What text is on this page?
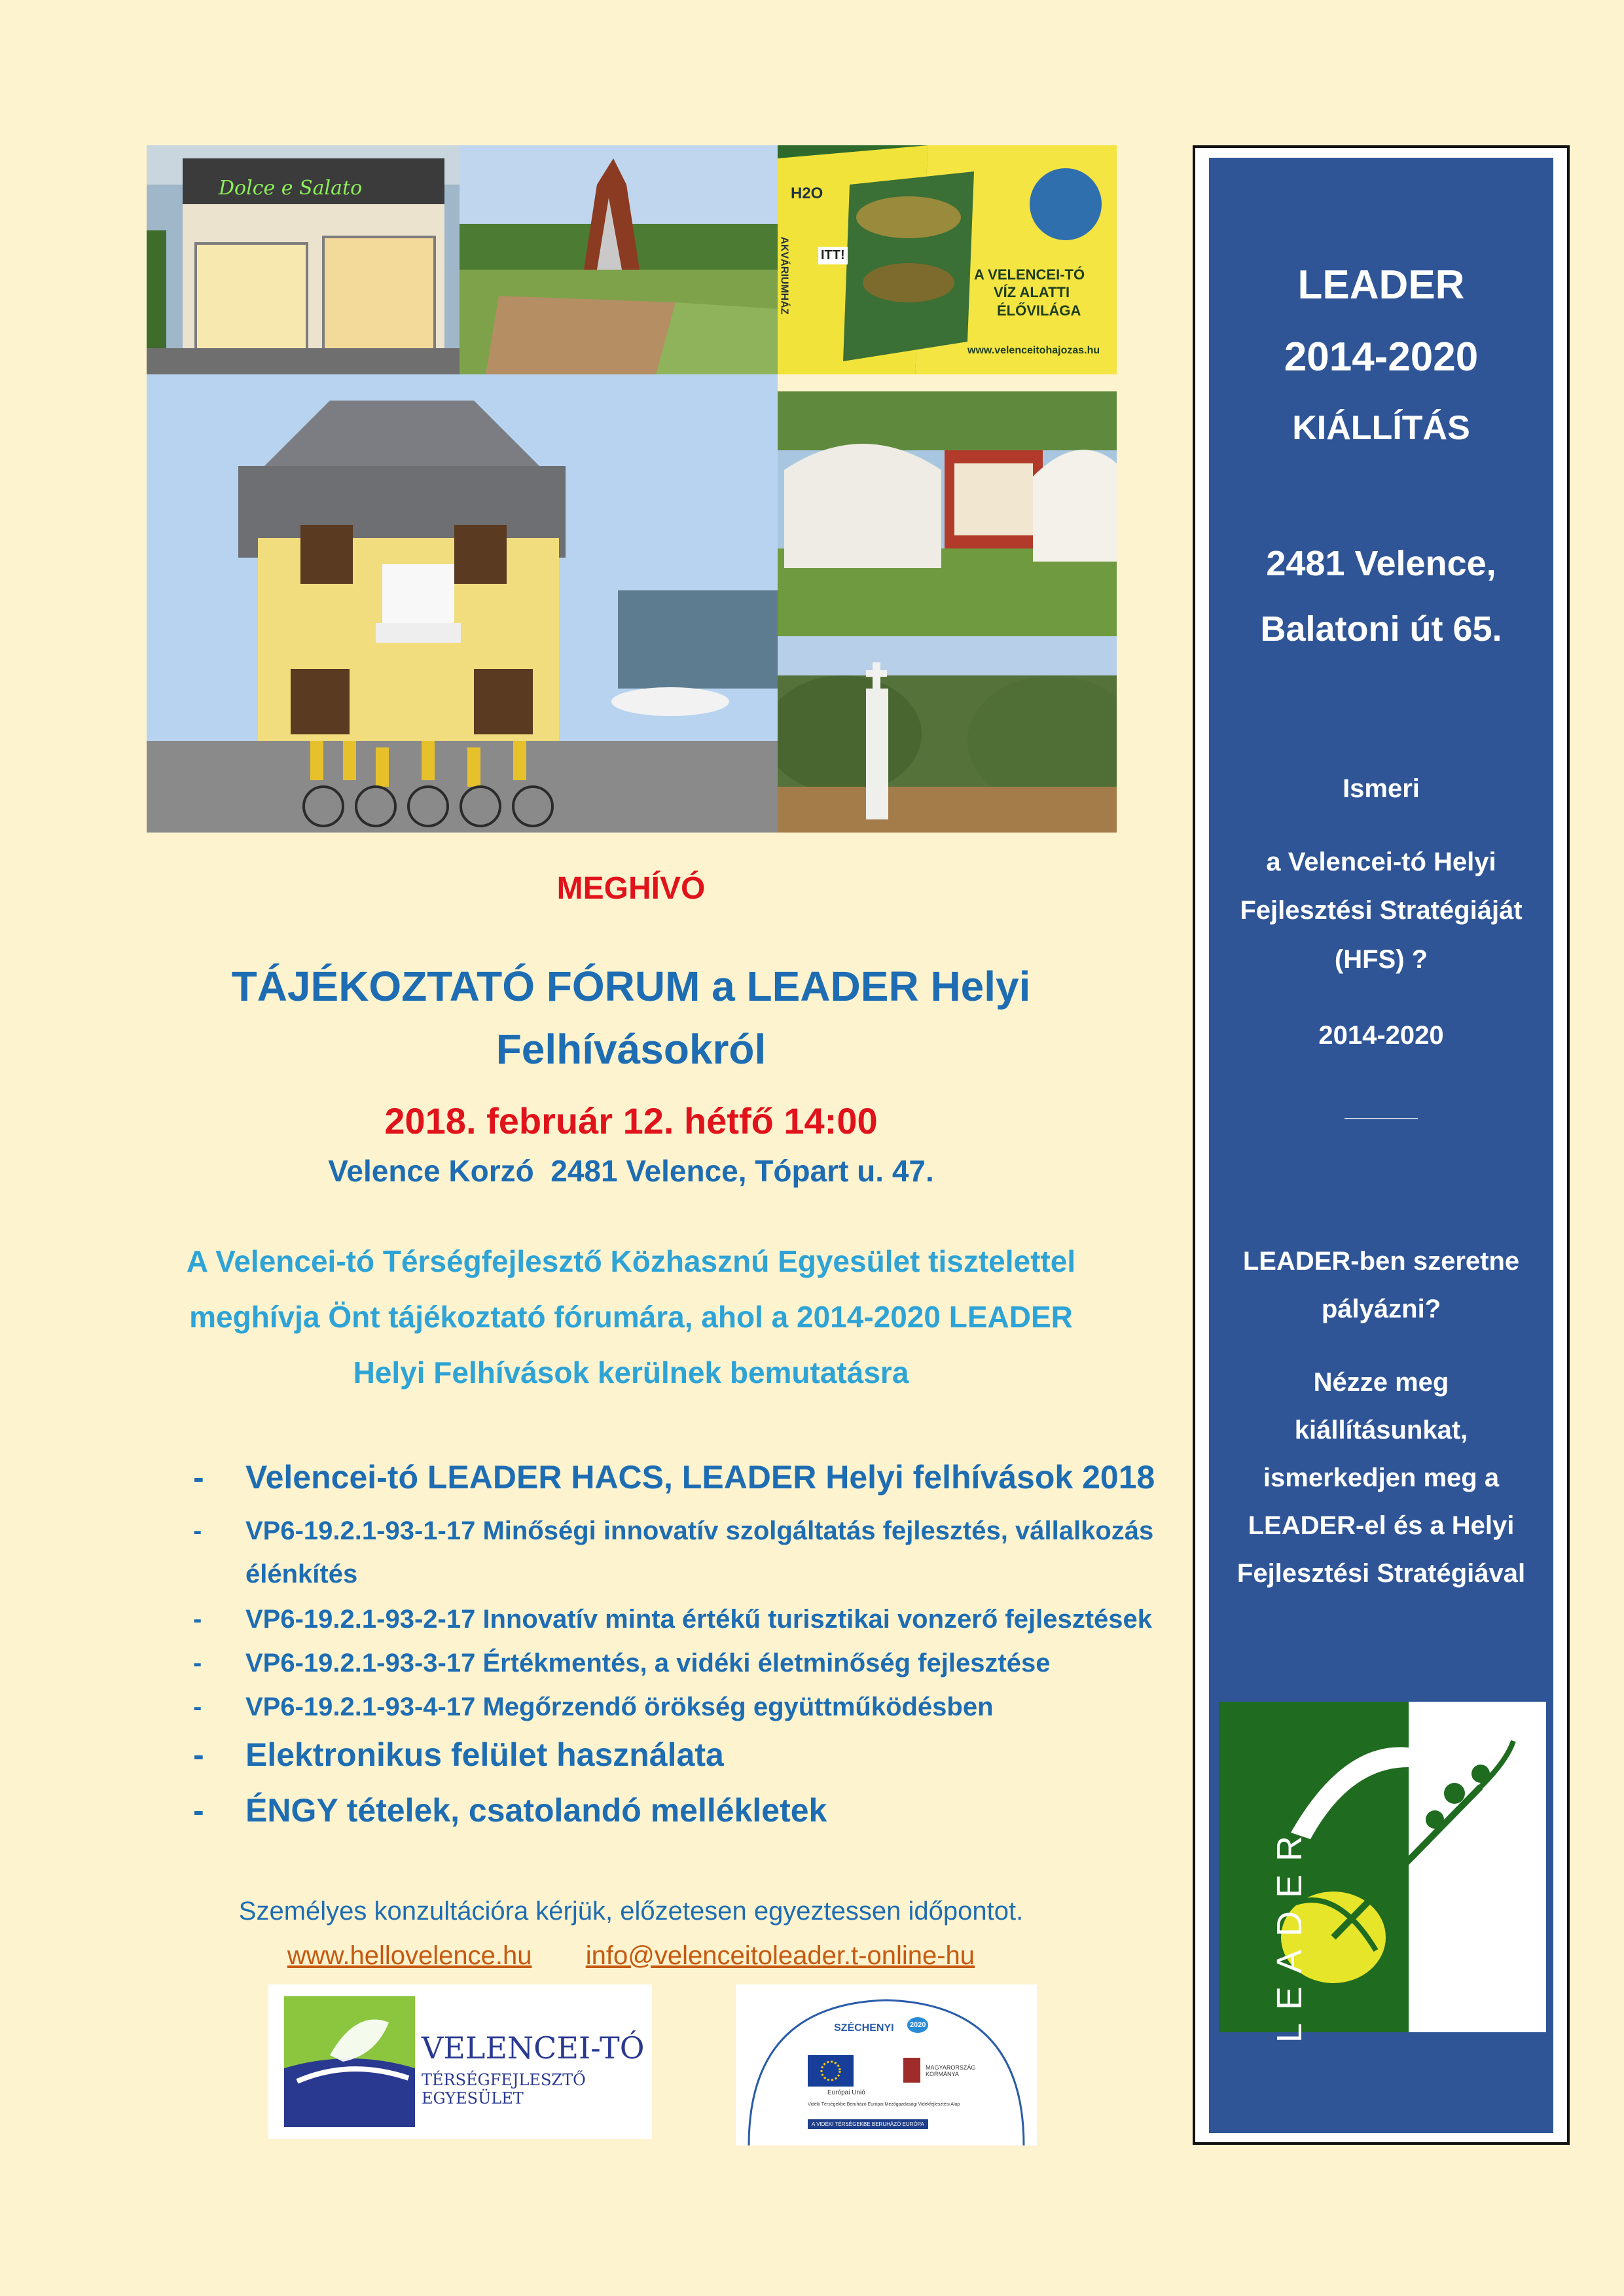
Dolce e Salato	H2O
AKVÁRIUMHÁZ ITT!
A VELENCEI-TÓ
VÍZ ALATTI
ÉLŐVILÁGA
www.velenceitohajozas.hu
MEGHÍVÓ
TÁJÉKOZTATÓ FÓRUM a LEADER Helyi
Felhívásokról
2018. február 12. hétfő 14:00
Velence Korzó  2481 Velence, Tópart u. 47.
A Velencei-tó Térségfejlesztő Közhasznú Egyesület tisztelettel
meghívja Önt tájékoztató fórumára, ahol a 2014-2020 LEADER
Helyi Felhívások kerülnek bemutatásra
- Velencei-tó LEADER HACS, LEADER Helyi felhívások 2018
- VP6-19.2.1-93-1-17 Minőségi innovatív szolgáltatás fejlesztés, vállalkozás
élénkítés
- VP6-19.2.1-93-2-17 Innovatív minta értékű turisztikai vonzerő fejlesztések
- VP6-19.2.1-93-3-17 Értékmentés, a vidéki életminőség fejlesztése
- VP6-19.2.1-93-4-17 Megőrzendő örökség együttműködésben
- Elektronikus felület használata
- ÉNGY tételek, csatolandó mellékletek
Személyes konzultációra kérjük, előzetesen egyeztessen időpontot.
www.hellovelence.hu info@velenceitoleader.t-online-hu
VELENCEI-TÓ
TÉRSÉGFEJLESZTŐ EGYESÜLET
SZÉCHENYI	2020
Európai Unió
MAGYARORSZÁG KORMÁNYA
Vidéki Térségekbe Beruházó Európai Mezőgazdasági Vidékfejlesztési Alap
A VIDÉKI TÉRSÉGEKBE BERUHÁZÓ EURÓPA
LEADER
2014-2020
KIÁLLÍTÁS
2481 Velence,
Balatoni út 65.
Ismeri
a Velencei-tó Helyi
Fejlesztési Stratégiáját
(HFS) ?
2014-2020
_____
LEADER-ben szeretne
pályázni?
Nézze meg
kiállításunkat,
ismerkedjen meg a
LEADER-el és a Helyi
Fejlesztési Stratégiával
LEADER
